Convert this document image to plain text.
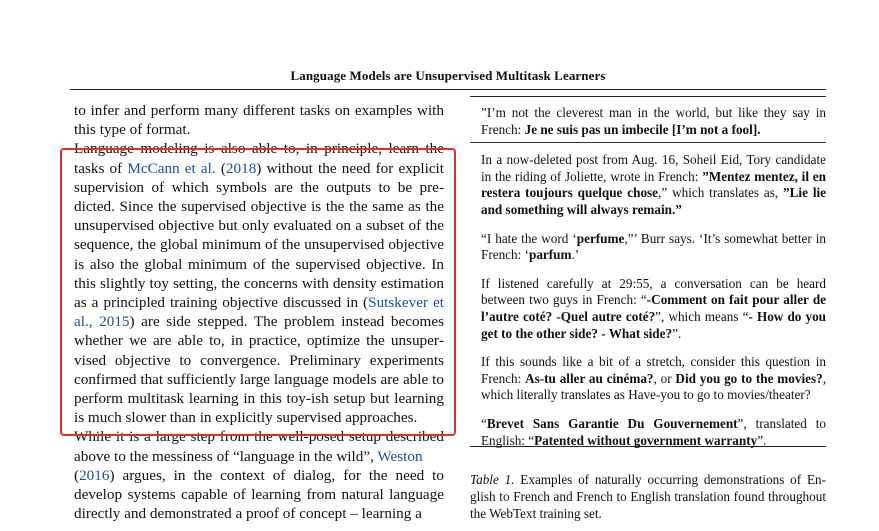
Language Models are Unsupervised Multitask Learners

to infer and perform many different tasks on examples with this type of format.

Language modeling is also able to, in principle, learn the tasks of McCann et al. (2018) without the need for explicit supervision of which symbols are the outputs to be predicted. Since the supervised objective is the the same as the unsupervised objective but only evaluated on a subset of the sequence, the global minimum of the unsupervised objective is also the global minimum of the supervised objective. In this slightly toy setting, the concerns with density estimation as a principled training objective discussed in (Sutskever et al., 2015) are side stepped. The problem instead becomes whether we are able to, in practice, optimize the unsupervised objective to convergence. Preliminary experiments confirmed that sufficiently large language models are able to perform multitask learning in this toy-ish setup but learning is much slower than in explicitly supervised approaches.

While it is a large step from the well-posed setup described above to the messiness of “language in the wild”, Weston
(2016) argues, in the context of dialog, for the need to develop systems capable of learning from natural language directly and demonstrated a proof of concept – learning a

”I’m not the cleverest man in the world, but like they say in French: Je ne suis pas un imbecile [I’m not a fool].

In a now-deleted post from Aug. 16, Soheil Eid, Tory candidate in the riding of Joliette, wrote in French: ”Mentez mentez, il en restera toujours quelque chose,” which translates as, ”Lie lie and something will always remain.”

“I hate the word ‘perfume,”’ Burr says. ‘It’s somewhat better in French: ‘parfum.’

If listened carefully at 29:55, a conversation can be heard between two guys in French: “-Comment on fait pour aller de l’autre coté? -Quel autre coté?”, which means “- How do you get to the other side? - What side?”.

If this sounds like a bit of a stretch, consider this question in French: As-tu aller au cinéma?, or Did you go to the movies?, which literally translates as Have-you to go to movies/theater?

“Brevet Sans Garantie Du Gouvernement”, translated to English: “Patented without government warranty”.

Table 1. Examples of naturally occurring demonstrations of English to French and French to English translation found throughout the WebText training set.
